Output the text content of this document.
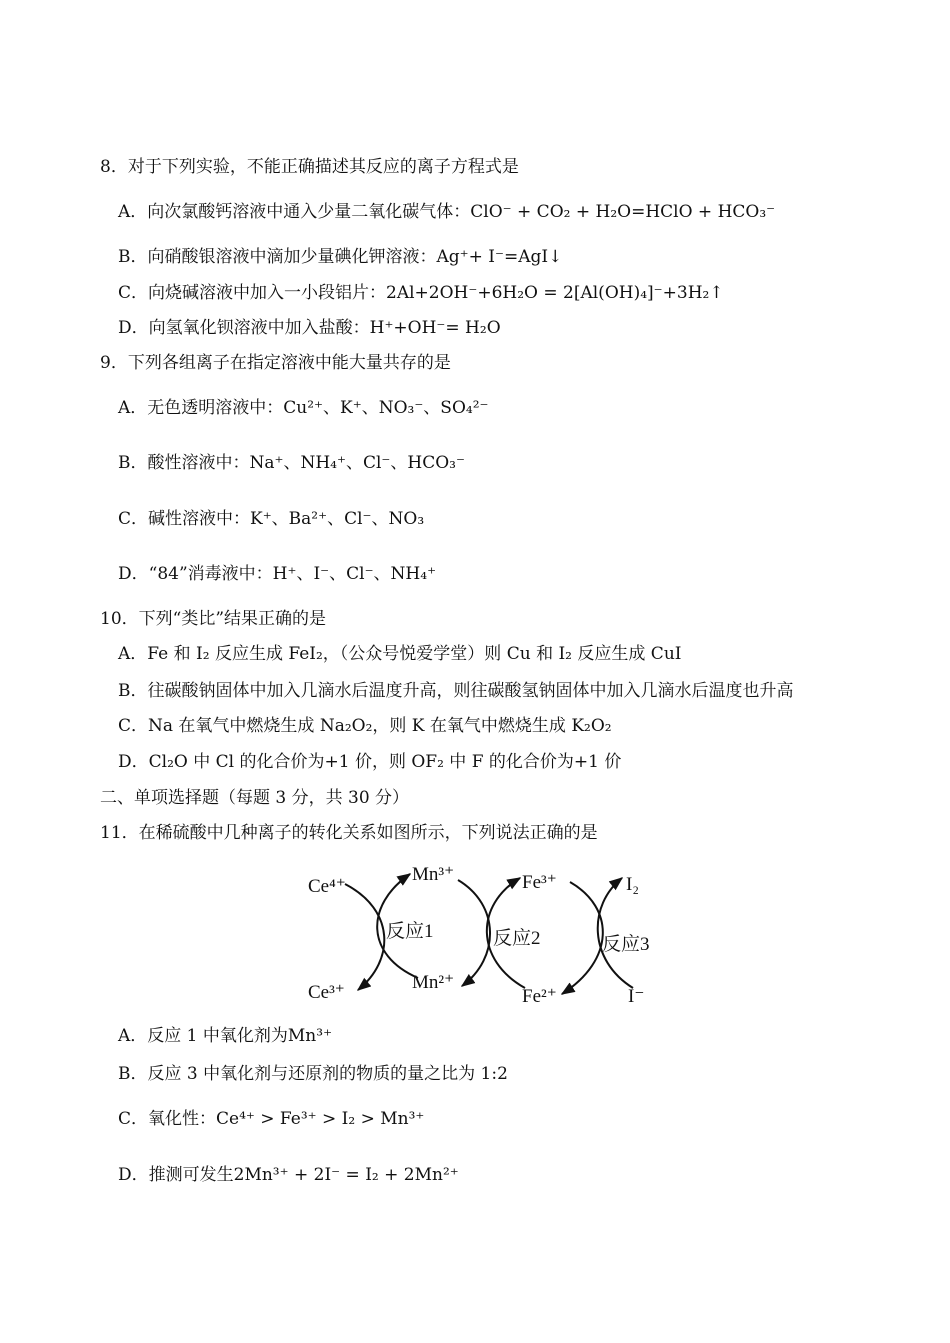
8．对于下列实验，不能正确描述其反应的离子方程式是
A．向次氯酸钙溶液中通入少量二氧化碳气体：ClO⁻ + CO₂ + H₂O=HClO + HCO₃⁻
B．向硝酸银溶液中滴加少量碘化钾溶液：Ag⁺+ I⁻=AgI↓
C．向烧碱溶液中加入一小段铝片：2Al+2OH⁻+6H₂O = 2[Al(OH)₄]⁻+3H₂↑
D．向氢氧化钡溶液中加入盐酸：H⁺+OH⁻= H₂O
9．下列各组离子在指定溶液中能大量共存的是
A．无色透明溶液中：Cu²⁺、K⁺、NO₃⁻、SO₄²⁻
B．酸性溶液中：Na⁺、NH₄⁺、Cl⁻、HCO₃⁻
C．碱性溶液中：K⁺、Ba²⁺、Cl⁻、NO₃
D．“84”消毒液中：H⁺、I⁻、Cl⁻、NH₄⁺
10．下列“类比”结果正确的是
A．Fe 和 I₂ 反应生成 FeI₂，（公众号悦爱学堂）则 Cu 和 I₂ 反应生成 CuI
B．往碳酸钠固体中加入几滴水后温度升高，则往碳酸氢钠固体中加入几滴水后温度也升高
C．Na 在氧气中燃烧生成 Na₂O₂，则 K 在氧气中燃烧生成 K₂O₂
D．Cl₂O 中 Cl 的化合价为+1 价，则 OF₂ 中 F 的化合价为+1 价
二、单项选择题（每题 3 分，共 30 分）
11．在稀硫酸中几种离子的转化关系如图所示，下列说法正确的是
Ce⁴⁺
Ce³⁺
Mn³⁺
Mn²⁺
Fe³⁺
Fe²⁺
I₂
I⁻
反应1	反应2	反应3
A．反应 1 中氧化剂为Mn³⁺
B．反应 3 中氧化剂与还原剂的物质的量之比为 1:2
C．氧化性：Ce⁴⁺ > Fe³⁺ > I₂ > Mn³⁺
D．推测可发生2Mn³⁺ + 2I⁻ = I₂ + 2Mn²⁺
